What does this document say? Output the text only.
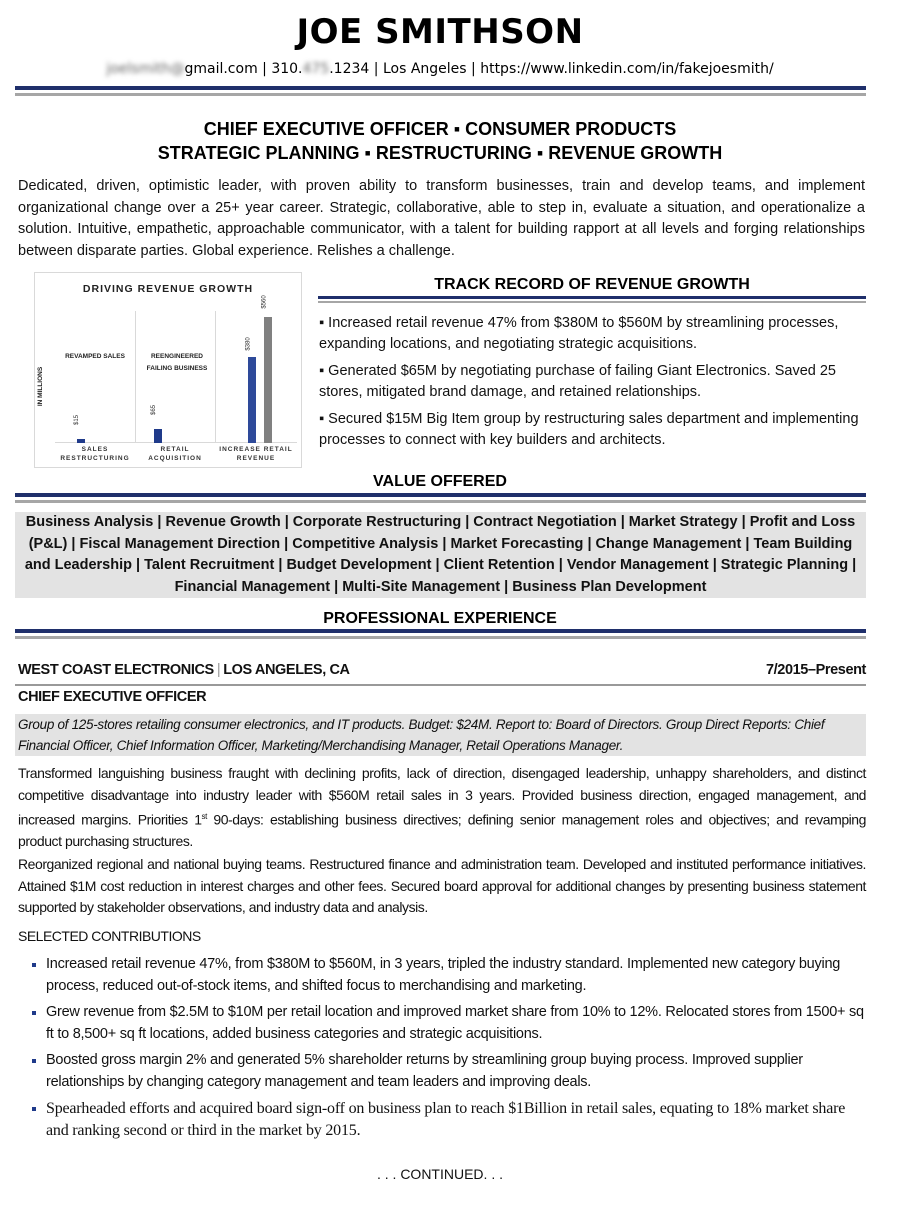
JOE SMITHSON
joelsmith@gmail.com | 310.475.1234 | Los Angeles | https://www.linkedin.com/in/fakejoesmith/
CHIEF EXECUTIVE OFFICER ▪ CONSUMER PRODUCTS
STRATEGIC PLANNING ▪ RESTRUCTURING ▪ REVENUE GROWTH
Dedicated, driven, optimistic leader, with proven ability to transform businesses, train and develop teams, and implement organizational change over a 25+ year career. Strategic, collaborative, able to step in, evaluate a situation, and operationalize a solution. Intuitive, empathetic, approachable communicator, with a talent for building rapport at all levels and forging relationships between disparate parties. Global experience. Relishes a challenge.
DRIVING REVENUE GROWTH
IN MILLIONS
REVAMPED SALES	REENGINEERED FAILING BUSINESS
$15
$65
$380
$560
SALES RESTRUCTURING
RETAIL ACQUISITION
INCREASE RETAIL REVENUE
TRACK RECORD OF REVENUE GROWTH

▪ Increased retail revenue 47% from $380M to $560M by streamlining processes, expanding locations, and negotiating strategic acquisitions.

▪ Generated $65M by negotiating purchase of failing Giant Electronics. Saved 25 stores, mitigated brand damage, and retained relationships.

▪ Secured $15M Big Item group by restructuring sales department and implementing processes to connect with key builders and architects.

VALUE OFFERED
Business Analysis | Revenue Growth | Corporate Restructuring | Contract Negotiation | Market Strategy | Profit and Loss (P&L) | Fiscal Management Direction | Competitive Analysis | Market Forecasting | Change Management | Team Building and Leadership | Talent Recruitment | Budget Development | Client Retention | Vendor Management | Strategic Planning | Financial Management | Multi-Site Management | Business Plan Development
PROFESSIONAL EXPERIENCE
WEST COAST ELECTRONICS | LOS ANGELES, CA	7/2015–Present
CHIEF EXECUTIVE OFFICER
Group of 125-stores retailing consumer electronics, and IT products. Budget: $24M. Report to: Board of Directors. Group Direct Reports: Chief Financial Officer, Chief Information Officer, Marketing/Merchandising Manager, Retail Operations Manager.
Transformed languishing business fraught with declining profits, lack of direction, disengaged leadership, unhappy shareholders, and distinct competitive disadvantage into industry leader with $560M retail sales in 3 years. Provided business direction, engaged management, and increased margins. Priorities 1st 90-days: establishing business directives; defining senior management roles and objectives; and revamping product purchasing structures.
Reorganized regional and national buying teams. Restructured finance and administration team. Developed and instituted performance initiatives. Attained $1M cost reduction in interest charges and other fees. Secured board approval for additional changes by presenting business statement supported by stakeholder observations, and industry data and analysis.
SELECTED CONTRIBUTIONS
Increased retail revenue 47%, from $380M to $560M, in 3 years, tripled the industry standard. Implemented new category buying process, reduced out-of-stock items, and shifted focus to merchandising and marketing.
Grew revenue from $2.5M to $10M per retail location and improved market share from 10% to 12%. Relocated stores from 1500+ sq ft to 8,500+ sq ft locations, added business categories and strategic acquisitions.
Boosted gross margin 2% and generated 5% shareholder returns by streamlining group buying process. Improved supplier relationships by changing category management and team leaders and improving deals.
Spearheaded efforts and acquired board sign-off on business plan to reach $1Billion in retail sales, equating to 18% market share and ranking second or third in the market by 2015.
. . . CONTINUED. . .
